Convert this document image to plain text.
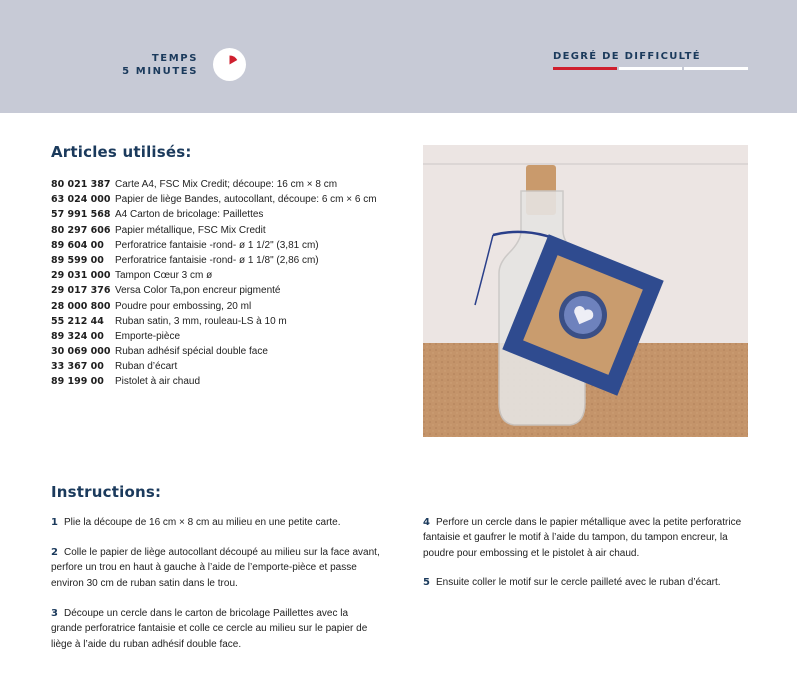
TEMPS
5 MINUTES
DEGRÉ DE DIFFICULTÉ
Articles utilisés:
80 021 387 Carte A4, FSC Mix Credit; découpe: 16 cm × 8 cm
63 024 000 Papier de liège Bandes, autocollant, découpe: 6 cm × 6 cm
57 991 568 A4 Carton de bricolage: Paillettes
80 297 606 Papier métallique, FSC Mix Credit
89 604 00	Perforatrice fantaisie -rond- ø 1 1/2" (3,81 cm)
89 599 00	Perforatrice fantaisie -rond- ø 1 1/8" (2,86 cm)
29 031 000 Tampon Cœur 3 cm ø
29 017 376 Versa Color Ta,pon encreur pigmenté
28 000 800 Poudre pour embossing, 20 ml
55 212 44	Ruban satin, 3 mm, rouleau-LS à 10 m
89 324 00	Emporte-pièce
30 069 000 Ruban adhésif spécial double face
33 367 00	Ruban d’écart
89 199 00	Pistolet à air chaud
Instructions:
1 Plie la découpe de 16 cm × 8 cm au milieu en une petite carte.
2 Colle le papier de liège autocollant découpé au milieu sur la face avant, perfore un trou en haut à gauche à l’aide de l’emporte-pièce et passe environ 30 cm de ruban satin dans le trou.
3 Découpe un cercle dans le carton de bricolage Paillettes avec la grande perforatrice fantaisie et colle ce cercle au milieu sur le papier de liège à l’aide du ruban adhésif double face.
4 Perfore un cercle dans le papier métallique avec la petite perforatrice fantaisie et gaufrer le motif à l’aide du tampon, du tampon encreur, la poudre pour embossing et le pistolet à air chaud.
5 Ensuite coller le motif sur le cercle pailleté avec le ruban d’écart.
